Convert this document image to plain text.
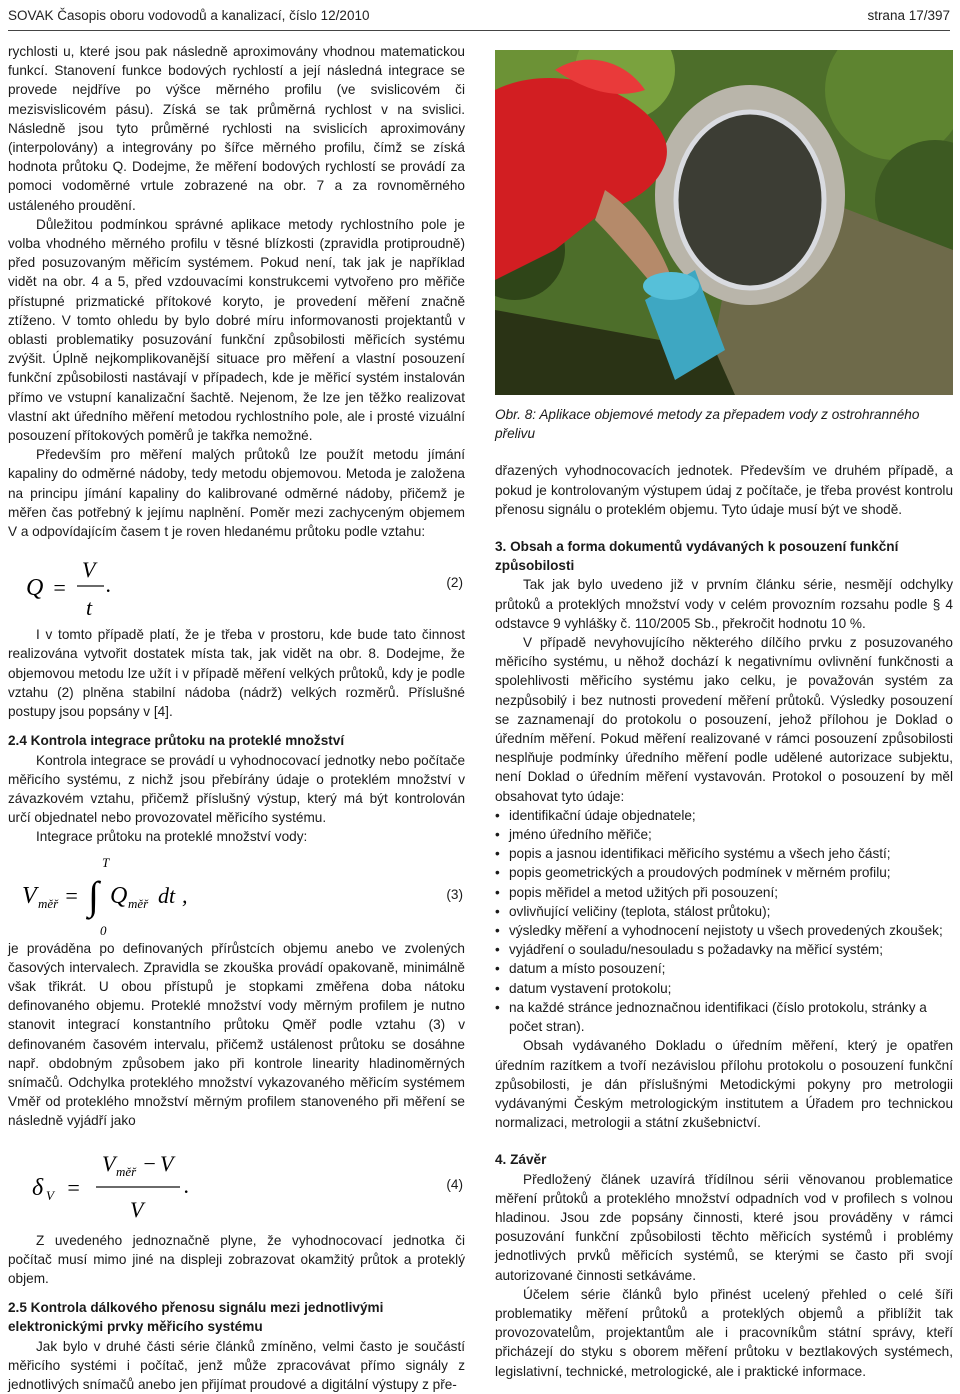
SOVAK Časopis oboru vodovodů a kanalizací, číslo 12/2010	strana 17/397

rychlosti u, které jsou pak následně aproximovány vhodnou matematickou funkcí. Stanovení funkce bodových rychlostí a její následná integrace se provede nejdříve po výšce měrného profilu (ve svislicovém či mezisvislicovém pásu). Získá se tak průměrná rychlost v na svislici. Následně jsou tyto průměrné rychlosti na svislicích aproximovány (interpolovány) a integrovány po šířce měrného profilu, čímž se získá hodnota průtoku Q. Dodejme, že měření bodových rychlostí se provádí za pomoci vodoměrné vrtule zobrazené na obr. 7 a za rovnoměrného ustáleného proudění.

Důležitou podmínkou správné aplikace metody rychlostního pole je volba vhodného měrného profilu v těsné blízkosti (zpravidla protiproudně) před posuzovaným měřicím systémem. Pokud není, tak jak je například vidět na obr. 4 a 5, před vzdouvacími konstrukcemi vytvořeno pro měřiče přístupné prizmatické přítokové koryto, je provedení měření značně ztíženo. V tomto ohledu by bylo dobré míru informovanosti projektantů v oblasti problematiky posuzování funkční způsobilosti měřicích systému zvýšit. Úplně nejkomplikovanější situace pro měření a vlastní posouzení funkční způsobilosti nastávají v případech, kde je měřicí systém instalován přímo ve vstupní kanalizační šachtě. Nejenom, že lze jen těžko realizovat vlastní akt úředního měření metodou rychlostního pole, ale i prosté vizuální posouzení přítokových poměrů je takřka nemožné.

Především pro měření malých průtoků lze použít metodu jímání kapaliny do odměrné nádoby, tedy metodu objemovou. Metoda je založena na principu jímání kapaliny do kalibrované odměrné nádoby, přičemž je měřen čas potřebný k jejímu naplnění. Poměr mezi zachyceným objemem V a odpovídajícím časem t je roven hledanému průtoku podle vztahu:

Q =
V
t
.	(2)

I v tomto případě platí, že je třeba v prostoru, kde bude tato činnost realizována vytvořit dostatek místa tak, jak vidět na obr. 8. Dodejme, že objemovou metodu lze užít i v případě měření velkých průtoků, kdy je podle vztahu (2) plněna stabilní nádoba (nádrž) velkých rozměrů. Příslušné postupy jsou popsány v [4].

2.4 Kontrola integrace průtoku na proteklé množství

Kontrola integrace se provádí u vyhodnocovací jednotky nebo počítače měřicího systému, z nichž jsou přebírány údaje o proteklém množství v závazkovém vztahu, přičemž příslušný výstup, který má být kontrolován určí objednatel nebo provozovatel měřicího systému.

Integrace průtoku na proteklé množství vody:

T
V měř = ∫ Q měř dt ,
0
(3)

je prováděna po definovaných přírůstcích objemu anebo ve zvolených časových intervalech. Zpravidla se zkouška provádí opakovaně, minimálně však třikrát. U obou přístupů je stopkami změřena doba nátoku definovaného objemu. Proteklé množství vody měrným profilem je nutno stanovit integrací konstantního průtoku Qměř podle vztahu (3) v definovaném časovém intervalu, přičemž ustálenost průtoku se dosáhne např. obdobným způsobem jako při kontrole linearity hladinoměrných snímačů. Odchylka proteklého množství vykazovaného měřicím systémem Vměř od proteklého množství měrným profilem stanoveného při měření se následně vyjádří jako

δ V =
V měř − V
V
.	(4)

Z uvedeného jednoznačně plyne, že vyhodnocovací jednotka či počítač musí mimo jiné na displeji zobrazovat okamžitý průtok a proteklý objem.

2.5 Kontrola dálkového přenosu signálu mezi jednotlivými elektronickými prvky měřicího systému

Jak bylo v druhé části série článků zmíněno, velmi často je součástí měřicího systémi i počítač, jenž může zpracovávat přímo signály z jednotlivých snímačů anebo jen přijímat proudové a digitální výstupy z pře-

Obr. 8: Aplikace objemové metody za přepadem vody z ostrohranného přelivu

dřazených vyhodnocovacích jednotek. Především ve druhém případě, a pokud je kontrolovaným výstupem údaj z počítače, je třeba provést kontrolu přenosu signálu o proteklém objemu. Tyto údaje musí být ve shodě.

3. Obsah a forma dokumentů vydávaných k posouzení funkční způsobilosti

Tak jak bylo uvedeno již v prvním článku série, nesmějí odchylky průtoků a proteklých množství vody v celém provozním rozsahu podle § 4 odstavce 9 vyhlášky č. 110/2005 Sb., překročit hodnotu 10 %.

V případě nevyhovujícího některého dílčího prvku z posuzovaného měřicího systému, u něhož dochází k negativnímu ovlivnění funkčnosti a spolehlivosti měřicího systému jako celku, je považován systém za nezpůsobilý i bez nutnosti provedení měření průtoků. Výsledky posouzení se zaznamenají do protokolu o posouzení, jehož přílohou je Doklad o úředním měření. Pokud měření realizované v rámci posouzení způsobilosti nesplňuje podmínky úředního měření podle udělené autorizace subjektu, není Doklad o úředním měření vystavován. Protokol o posouzení by měl obsahovat tyto údaje:

• identifikační údaje objednatele;
• jméno úředního měřiče;
• popis a jasnou identifikaci měřicího systému a všech jeho částí;
• popis geometrických a proudových podmínek v měrném profilu;
• popis měřidel a metod užitých při posouzení;
• ovlivňující veličiny (teplota, stálost průtoku);
• výsledky měření a vyhodnocení nejistoty u všech provedených zkoušek;
• vyjádření o souladu/nesouladu s požadavky na měřicí systém;
• datum a místo posouzení;
• datum vystavení protokolu;
• na každé stránce jednoznačnou identifikaci (číslo protokolu, stránky a počet stran).

Obsah vydávaného Dokladu o úředním měření, který je opatřen úředním razítkem a tvoří nezávislou přílohu protokolu o posouzení funkční způsobilosti, je dán příslušnými Metodickými pokyny pro metrologii vydávanými Českým metrologickým institutem a Úřadem pro technickou normalizaci, metrologii a státní zkušebnictví.

4. Závěr

Předložený článek uzavírá třídílnou sérii věnovanou problematice měření průtoků a proteklého množství odpadních vod v profilech s volnou hladinou. Jsou zde popsány činnosti, které jsou prováděny v rámci posuzování funkční způsobilosti těchto měřicích systémů i problémy jednotlivých prvků měřicích systémů, se kterými se často při svojí autorizované činnosti setkáváme.

Účelem série článků bylo přinést ucelený přehled o celé šíři problematiky měření průtoků a proteklých objemů a přiblížit tak provozovatelům, projektantům ale i pracovníkům státní správy, kteří přicházejí do styku s oborem měření průtoku v beztlakových systémech, legislativní, technické, metrologické, ale i praktické informace.
